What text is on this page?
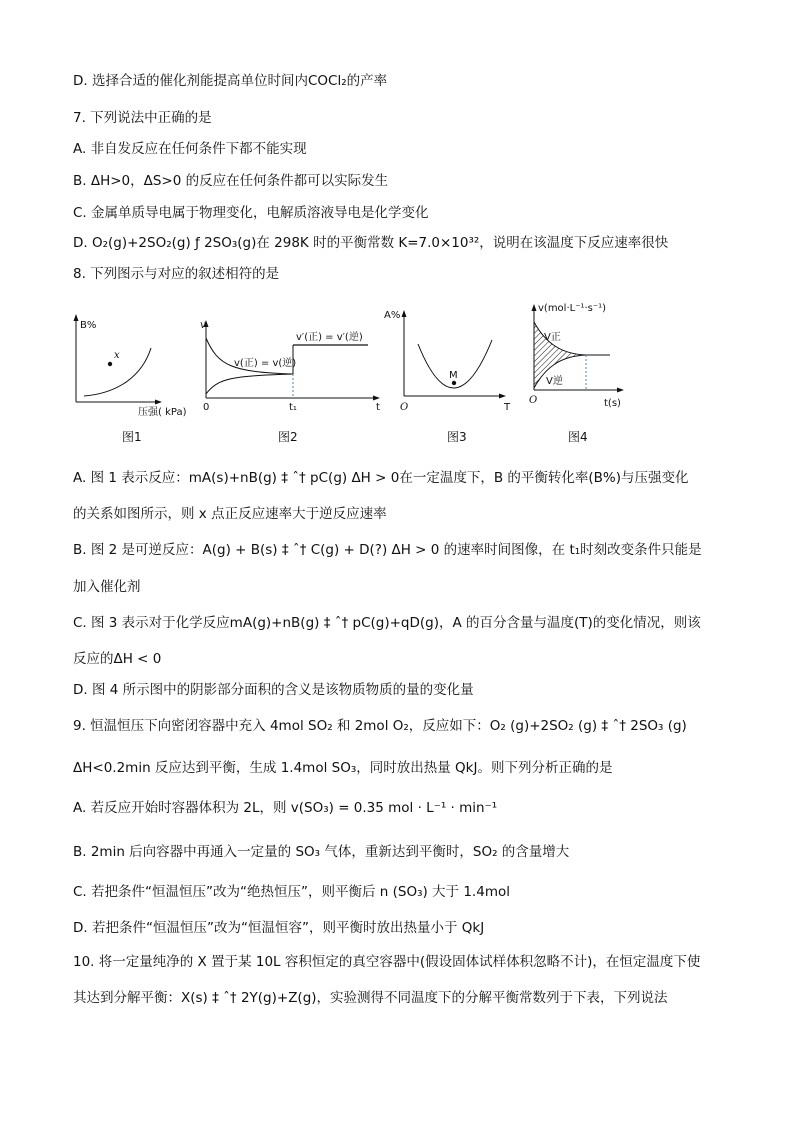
D. 选择合适的催化剂能提高单位时间内COCl₂的产率
7. 下列说法中正确的是
A. 非自发反应在任何条件下都不能实现
B. ΔH>0，ΔS>0 的反应在任何条件都可以实际发生
C. 金属单质导电属于物理变化，电解质溶液导电是化学变化
D. O₂(g)+2SO₂(g) ƒ 2SO₃(g)在 298K 时的平衡常数 K=7.0×10³²，说明在该温度下反应速率很快
8. 下列图示与对应的叙述相符的是
B%
x
压强( kPa)
图1
v
v(正) = v(逆)
v′(正) = v′(逆)
0	t₁	t
图2
A%
M
O	T
图3
v(mol·L⁻¹·s⁻¹)
V正
V逆
O	t(s)
图4
A. 图 1 表示反应：mA(s)+nB(g) ‡ ˆ† pC(g) ΔH > 0在一定温度下，B 的平衡转化率(B%)与压强变化
的关系如图所示，则 x 点正反应速率大于逆反应速率
B. 图 2 是可逆反应：A(g) + B(s) ‡ ˆ† C(g) + D(?) ΔH > 0 的速率时间图像，在 t₁时刻改变条件只能是
加入催化剂
C. 图 3 表示对于化学反应mA(g)+nB(g) ‡ ˆ† pC(g)+qD(g)，A 的百分含量与温度(T)的变化情况，则该
反应的ΔH < 0
D. 图 4 所示图中的阴影部分面积的含义是该物质物质的量的变化量
9. 恒温恒压下向密闭容器中充入 4mol SO₂ 和 2mol O₂，反应如下：O₂ (g)+2SO₂ (g) ‡ ˆ† 2SO₃ (g)
ΔH<0.2min 反应达到平衡，生成 1.4mol SO₃，同时放出热量 QkJ。则下列分析正确的是
A. 若反应开始时容器体积为 2L，则 v(SO₃) = 0.35 mol · L⁻¹ · min⁻¹
B. 2min 后向容器中再通入一定量的 SO₃ 气体，重新达到平衡时，SO₂ 的含量增大
C. 若把条件“恒温恒压”改为“绝热恒压”，则平衡后 n (SO₃) 大于 1.4mol
D. 若把条件“恒温恒压”改为“恒温恒容”，则平衡时放出热量小于 QkJ
10. 将一定量纯净的 X 置于某 10L 容积恒定的真空容器中(假设固体试样体积忽略不计)，在恒定温度下使
其达到分解平衡：X(s) ‡ ˆ† 2Y(g)+Z(g)，实验测得不同温度下的分解平衡常数列于下表，下列说法
